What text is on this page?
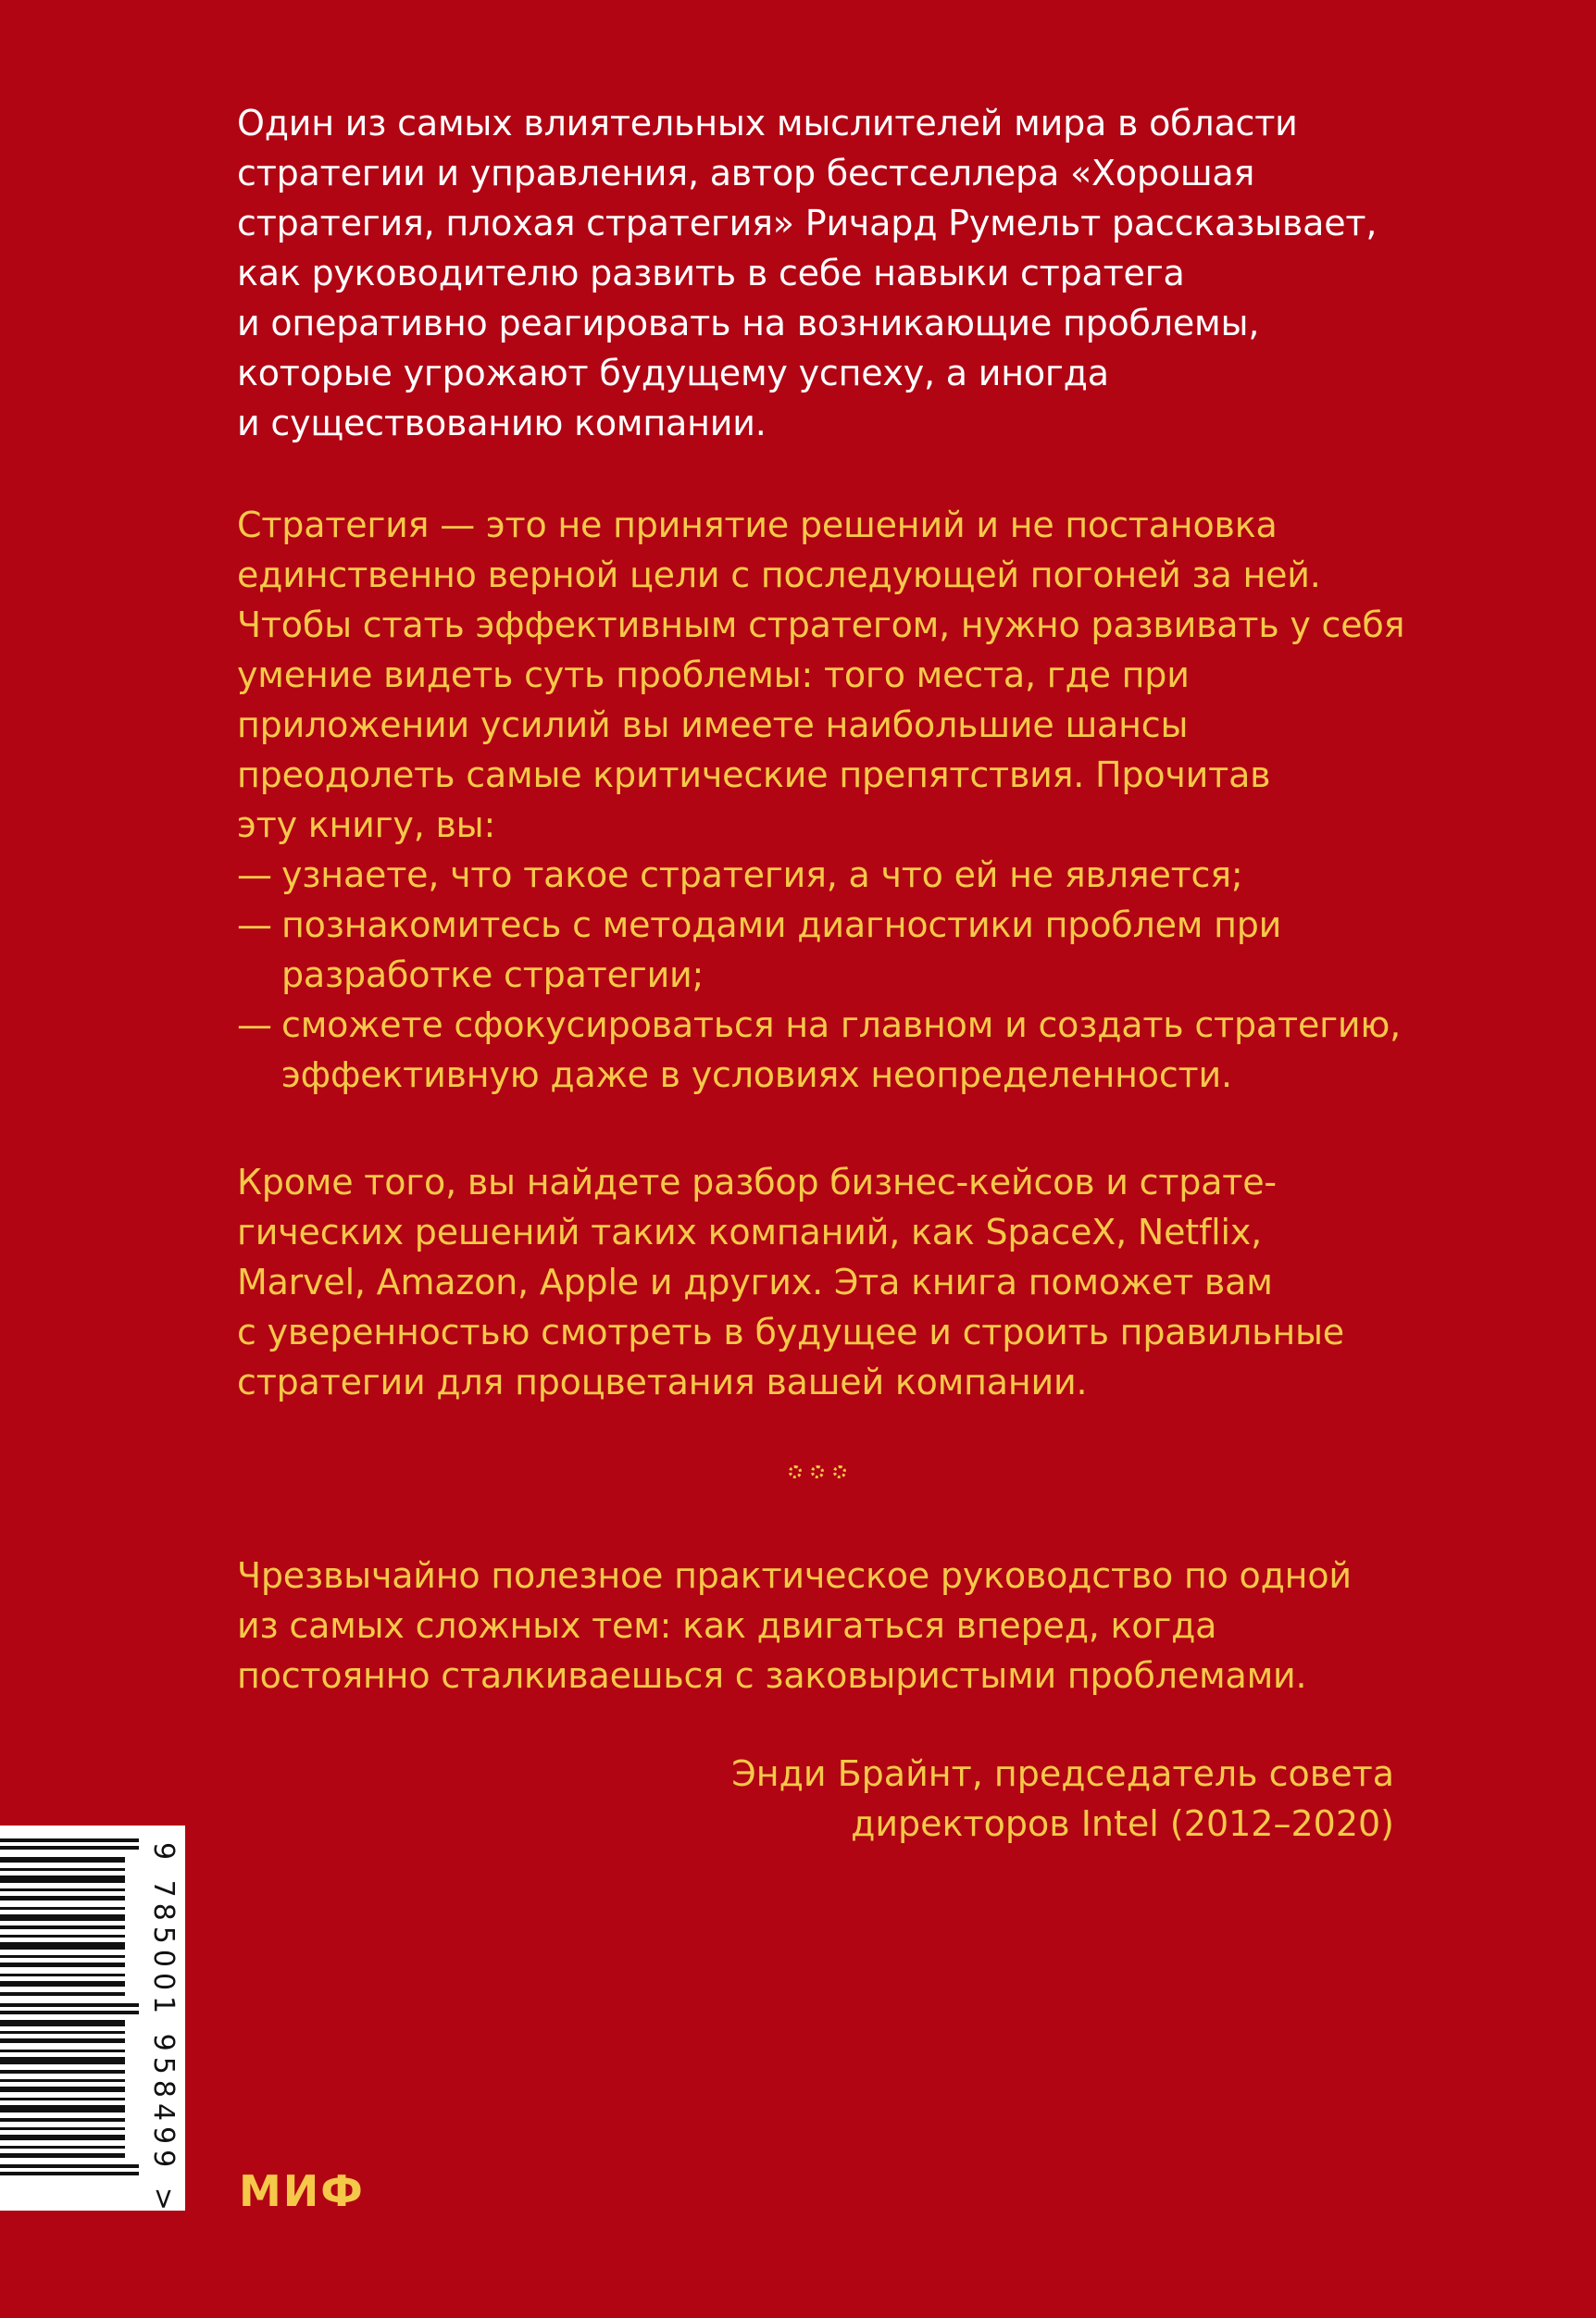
Один из самых влиятельных мыслителей мира в области

стратегии и управления, автор бестселлера «Хорошая

стратегия, плохая стратегия» Ричард Румельт рассказывает,

как руководителю развить в себе навыки стратега

и оперативно реагировать на возникающие проблемы,

которые угрожают будущему успеху, а иногда

и существованию компании.

Стратегия — это не принятие решений и не постановка

единственно верной цели с последующей погоней за ней.

Чтобы стать эффективным стратегом, нужно развивать у себя

умение видеть суть проблемы: того места, где при

приложении усилий вы имеете наибольшие шансы

преодолеть самые критические препятствия. Прочитав

эту книгу, вы:

— узнаете, что такое стратегия, а что ей не является;
— познакомитесь с методами диагностики проблем при
разработке стратегии;
— сможете сфокусироваться на главном и создать стратегию,
эффективную даже в условиях неопределенности.

Кроме того, вы найдете разбор бизнес-кейсов и страте-

гических решений таких компаний, как SpaceX, Netflix,

Marvel, Amazon, Apple и других. Эта книга поможет вам

с уверенностью смотреть в будущее и строить правильные

стратегии для процветания вашей компании.

Чрезвычайно полезное практическое руководство по одной

из самых сложных тем: как двигаться вперед, когда

постоянно сталкиваешься с заковыристыми проблемами.

Энди Брайнт, председатель совета

директоров Intel (2012–2020)

9 785001 958499 > МИФ
